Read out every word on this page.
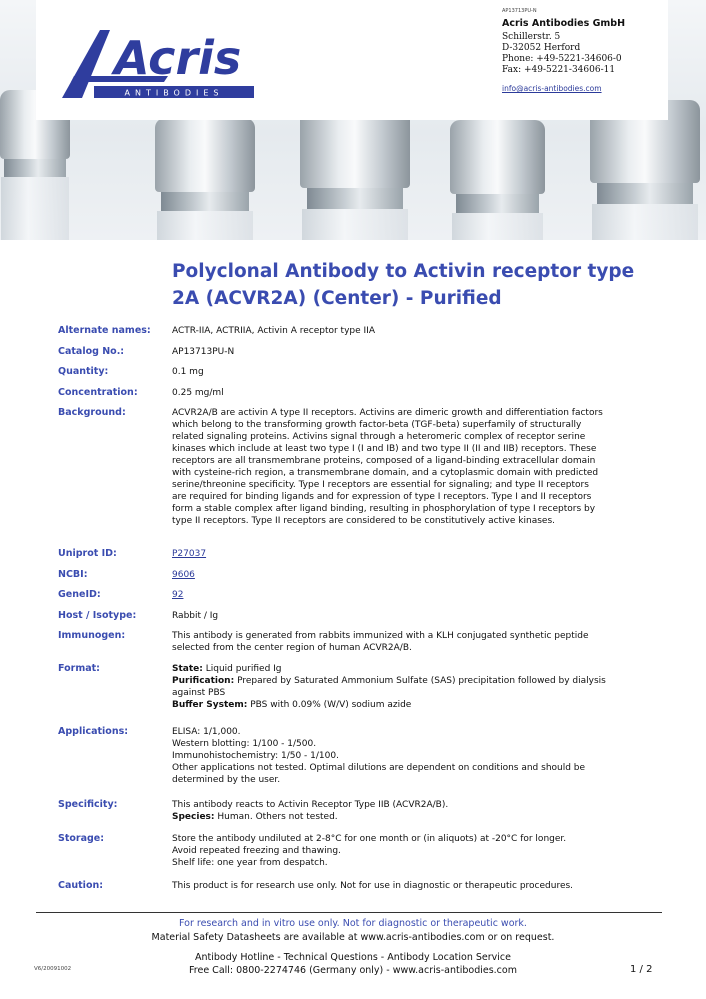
Acris
ANTIBODIES
AP13713PU-N
Acris Antibodies GmbH
Schillerstr. 5
D-32052 Herford
Phone: +49-5221-34606-0
Fax: +49-5221-34606-11
info@acris-antibodies.com
Polyclonal Antibody to Activin receptor type
2A (ACVR2A) (Center) - Purified
Alternate names:	ACTR-IIA, ACTRIIA, Activin A receptor type IIA
Catalog No.:	AP13713PU-N
Quantity:	0.1 mg
Concentration:	0.25 mg/ml
Background:	ACVR2A/B are activin A type II receptors. Activins are dimeric growth and differentiation factors
which belong to the transforming growth factor-beta (TGF-beta) superfamily of structurally
related signaling proteins. Activins signal through a heteromeric complex of receptor serine
kinases which include at least two type I (I and IB) and two type II (II and IIB) receptors. These
receptors are all transmembrane proteins, composed of a ligand-binding extracellular domain
with cysteine-rich region, a transmembrane domain, and a cytoplasmic domain with predicted
serine/threonine specificity. Type I receptors are essential for signaling; and type II receptors
are required for binding ligands and for expression of type I receptors. Type I and II receptors
form a stable complex after ligand binding, resulting in phosphorylation of type I receptors by
type II receptors. Type II receptors are considered to be constitutively active kinases.
Uniprot ID:	P27037
NCBI:	9606
GeneID:	92
Host / Isotype:	Rabbit / Ig
Immunogen:	This antibody is generated from rabbits immunized with a KLH conjugated synthetic peptide
selected from the center region of human ACVR2A/B.
Format:	State: Liquid purified Ig
Purification: Prepared by Saturated Ammonium Sulfate (SAS) precipitation followed by dialysis
against PBS
Buffer System: PBS with 0.09% (W/V) sodium azide
Applications:	ELISA: 1/1,000.
Western blotting: 1/100 - 1/500.
Immunohistochemistry: 1/50 - 1/100.
Other applications not tested. Optimal dilutions are dependent on conditions and should be
determined by the user.
Specificity:	This antibody reacts to Activin Receptor Type IIB (ACVR2A/B).
Species: Human. Others not tested.
Storage:	Store the antibody undiluted at 2-8°C for one month or (in aliquots) at -20°C for longer.
Avoid repeated freezing and thawing.
Shelf life: one year from despatch.
Caution:	This product is for research use only. Not for use in diagnostic or therapeutic procedures.
For research and in vitro use only. Not for diagnostic or therapeutic work.
Material Safety Datasheets are available at www.acris-antibodies.com or on request.
Antibody Hotline - Technical Questions - Antibody Location Service
Free Call: 0800-2274746 (Germany only) - www.acris-antibodies.com
V6/20091002	1 / 2
